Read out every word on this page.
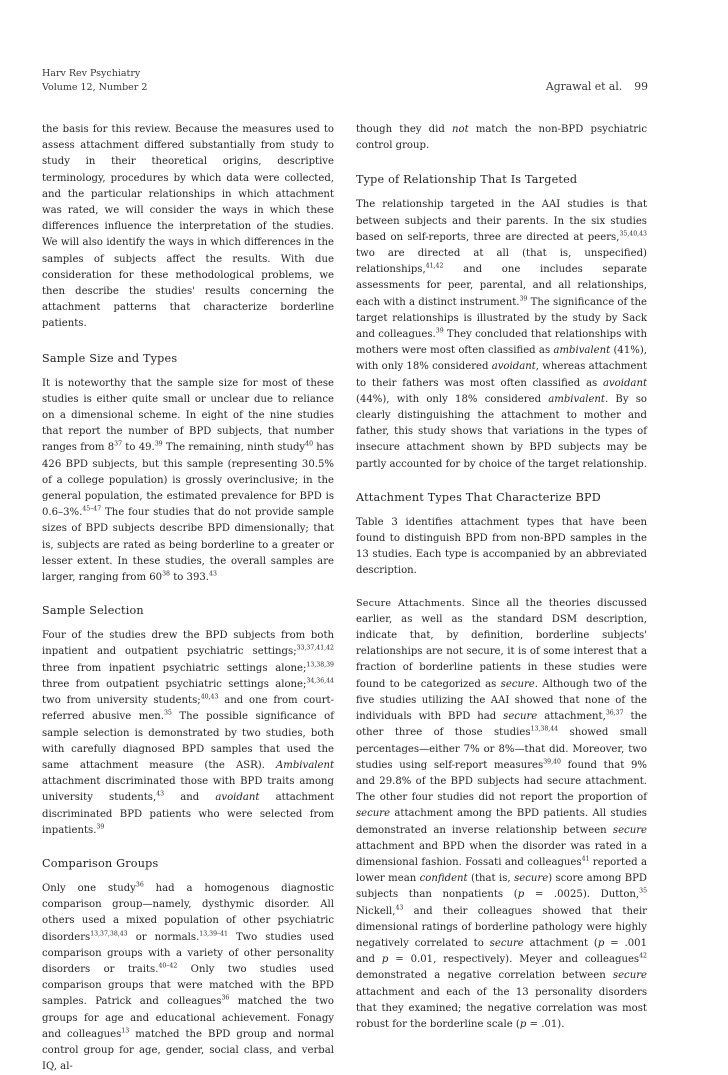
Harv Rev Psychiatry
Volume 12, Number 2	Agrawal et al. 99

the basis for this review. Because the measures used to assess attachment differed substantially from study to study in their theoretical origins, descriptive terminology, procedures by which data were collected, and the particular relationships in which attachment was rated, we will consider the ways in which these differences influence the interpretation of the studies. We will also identify the ways in which differences in the samples of subjects affect the results. With due consideration for these methodological problems, we then describe the studies' results concerning the attachment patterns that characterize borderline patients.

Sample Size and Types

It is noteworthy that the sample size for most of these studies is either quite small or unclear due to reliance on a dimensional scheme. In eight of the nine studies that report the number of BPD subjects, that number ranges from $8^{37}$ to 49.39 The remaining, ninth study$^{40}$ has 426 BPD subjects, but this sample (representing 30.5% of a college population) is grossly overinclusive; in the general population, the estimated prevalence for BPD is 0.6–3%.$^{45-47}$ The four studies that do not provide sample sizes of BPD subjects describe BPD dimensionally; that is, subjects are rated as being borderline to a greater or lesser extent. In these studies, the overall samples are larger, ranging from $60^{38}$ to 393.43

Sample Selection

Four of the studies drew the BPD subjects from both inpatient and outpatient psychiatric settings;$^{33,37,41,42}$ three from inpatient psychiatric settings alone;$^{13,38,39}$ three from outpatient psychiatric settings alone;$^{34,36,44}$ two from university students;$^{40,43}$ and one from court-referred abusive men.$^{35}$ The possible significance of sample selection is demonstrated by two studies, both with carefully diagnosed BPD samples that used the same attachment measure (the ASR). Ambivalent attachment discriminated those with BPD traits among university students,$^{43}$ and avoidant attachment discriminated BPD patients who were selected from inpatients.$^{39}$

Comparison Groups

Only one study$^{36}$ had a homogenous diagnostic comparison group—namely, dysthymic disorder. All others used a mixed population of other psychiatric disorders$^{13,37,38,43}$ or normals.$^{13,39-41}$ Two studies used comparison groups with a variety of other personality disorders or traits.$^{40-42}$ Only two studies used comparison groups that were matched with the BPD samples. Patrick and colleagues$^{36}$ matched the two groups for age and educational achievement. Fonagy and colleagues$^{13}$ matched the BPD group and normal control group for age, gender, social class, and verbal IQ, al-

though they did not match the non-BPD psychiatric control group.

Type of Relationship That Is Targeted

The relationship targeted in the AAI studies is that between subjects and their parents. In the six studies based on self-reports, three are directed at peers,$^{35,40,43}$ two are directed at all (that is, unspecified) relationships,$^{41,42}$ and one includes separate assessments for peer, parental, and all relationships, each with a distinct instrument.$^{39}$ The significance of the target relationships is illustrated by the study by Sack and colleagues.$^{39}$ They concluded that relationships with mothers were most often classified as ambivalent (41%), with only 18% considered avoidant, whereas attachment to their fathers was most often classified as avoidant (44%), with only 18% considered ambivalent. By so clearly distinguishing the attachment to mother and father, this study shows that variations in the types of insecure attachment shown by BPD subjects may be partly accounted for by choice of the target relationship.

Attachment Types That Characterize BPD

Table 3 identifies attachment types that have been found to distinguish BPD from non-BPD samples in the 13 studies. Each type is accompanied by an abbreviated description.

Secure Attachments. Since all the theories discussed earlier, as well as the standard DSM description, indicate that, by definition, borderline subjects' relationships are not secure, it is of some interest that a fraction of borderline patients in these studies were found to be categorized as secure. Although two of the five studies utilizing the AAI showed that none of the individuals with BPD had secure attachment,$^{36,37}$ the other three of those studies$^{13,38,44}$ showed small percentages—either 7% or 8%—that did. Moreover, two studies using self-report measures$^{39,40}$ found that 9% and 29.8% of the BPD subjects had secure attachment. The other four studies did not report the proportion of secure attachment among the BPD patients. All studies demonstrated an inverse relationship between secure attachment and BPD when the disorder was rated in a dimensional fashion. Fossati and colleagues$^{41}$ reported a lower mean confident (that is, secure) score among BPD subjects than nonpatients (p = .0025). Dutton,$^{35}$ Nickell,$^{43}$ and their colleagues showed that their dimensional ratings of borderline pathology were highly negatively correlated to secure attachment (p = .001 and p = 0.01, respectively). Meyer and colleagues$^{42}$ demonstrated a negative correlation between secure attachment and each of the 13 personality disorders that they examined; the negative correlation was most robust for the borderline scale (p = .01).
